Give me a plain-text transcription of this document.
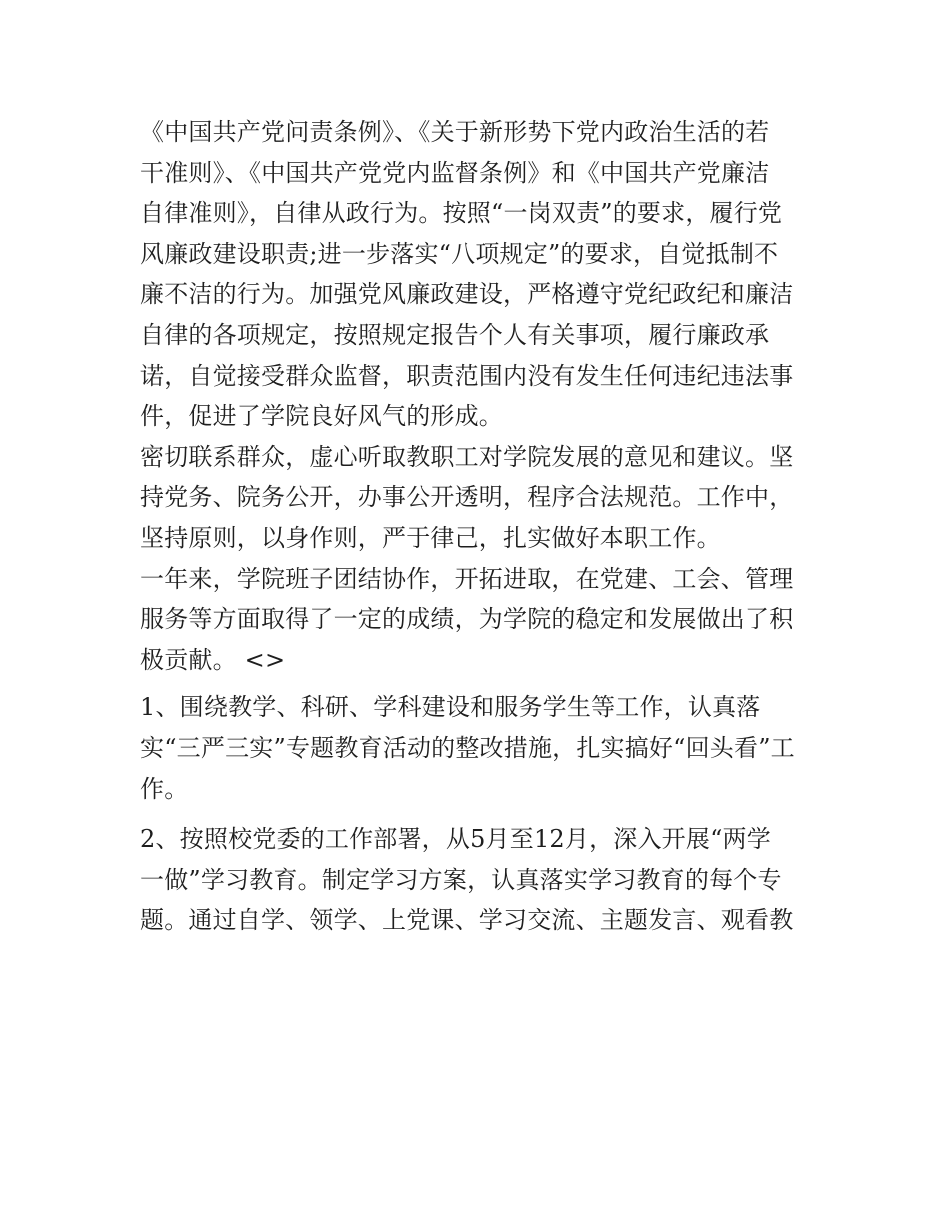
《中国共产党问责条例》、《关于新形势下党内政治生活的若
干准则》、《中国共产党党内监督条例》和《中国共产党廉洁
自律准则》，自律从政行为。按照“一岗双责”的要求，履行党
风廉政建设职责;进一步落实“八项规定”的要求，自觉抵制不
廉不洁的行为。加强党风廉政建设，严格遵守党纪政纪和廉洁
自律的各项规定，按照规定报告个人有关事项，履行廉政承
诺，自觉接受群众监督，职责范围内没有发生任何违纪违法事
件，促进了学院良好风气的形成。
密切联系群众，虚心听取教职工对学院发展的意见和建议。坚
持党务、院务公开，办事公开透明，程序合法规范。工作中，
坚持原则，以身作则，严于律己，扎实做好本职工作。
一年来，学院班子团结协作，开拓进取，在党建、工会、管理
服务等方面取得了一定的成绩，为学院的稳定和发展做出了积
极贡献。 <>
1、围绕教学、科研、学科建设和服务学生等工作，认真落
实“三严三实”专题教育活动的整改措施，扎实搞好“回头看”工
作。
2、按照校党委的工作部署，从5月至12月，深入开展“两学
一做”学习教育。制定学习方案，认真落实学习教育的每个专
题。通过自学、领学、上党课、学习交流、主题发言、观看教
